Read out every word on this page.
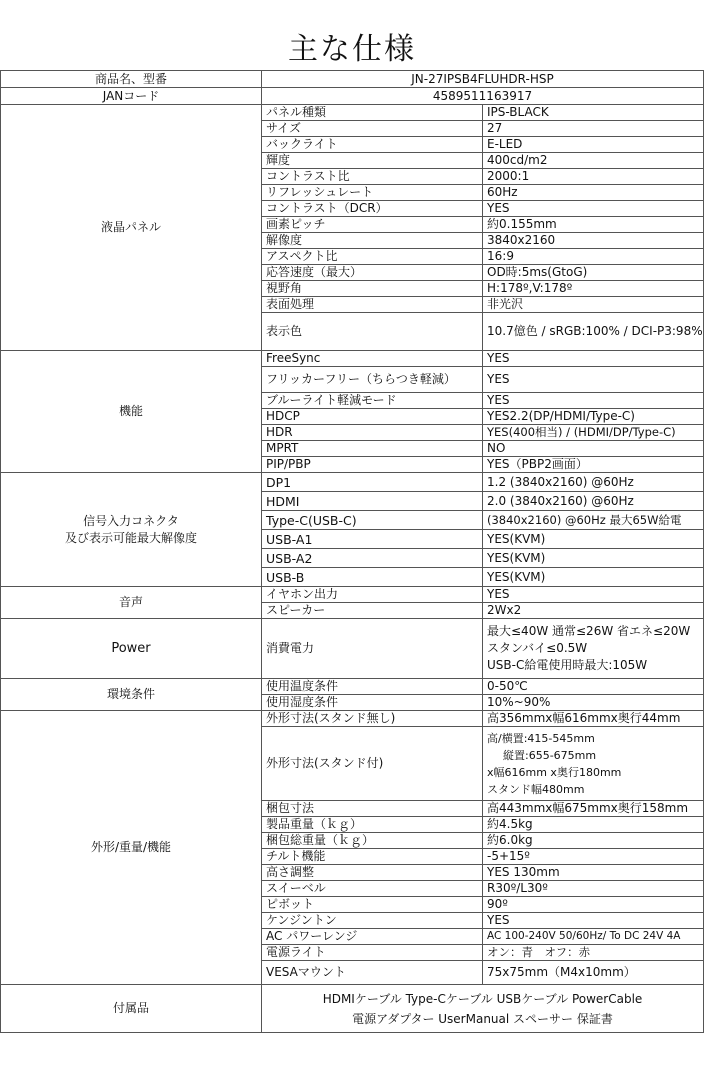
主な仕様
商品名、型番	JN-27IPSB4FLUHDR-HSP	
JANコード	4589511163917	
液晶パネル	パネル種類	IPS-BLACK
	サイズ	27
	バックライト	E-LED
	輝度	400cd/m2
	コントラスト比	2000:1
	リフレッシュレート	60Hz
	コントラスト（DCR）	YES
	画素ピッチ	約0.155mm
	解像度	3840x2160
	アスペクト比	16:9
	応答速度（最大）	OD時:5ms(GtoG)
	視野角	H:178º,V:178º
	表面処理	非光沢
	表示色	10.7億色 / sRGB:100% / DCI-P3:98%
機能	FreeSync	YES
	フリッカーフリー（ちらつき軽減）	YES
	ブルーライト軽減モード	YES
	HDCP	YES2.2(DP/HDMI/Type-C)
	HDR	YES(400相当) / (HDMI/DP/Type-C)
	MPRT	NO
	PIP/PBP	YES（PBP2画面）

信号入力コネクタ
及び表示可能最大解像度	DP1	1.2 (3840x2160) @60Hz
	HDMI	2.0 (3840x2160) @60Hz
	Type-C(USB-C)	(3840x2160) @60Hz 最大65W給電
	USB-A1	YES(KVM)
	USB-A2	YES(KVM)
	USB-B	YES(KVM)
音声	イヤホン出力	YES
	スピーカー	2Wx2
Power	消費電力	最大≤40W 通常≤26W 省エネ≤20W
スタンバイ≤0.5W
USB-C給電使用時最大:105W

環境条件	使用温度条件	0-50℃
	使用湿度条件	10%~90%
外形/重量/機能	外形寸法(スタンド無し)	高356mmx幅616mmx奥行44mm
	外形寸法(スタンド付)	高/横置:415-545mm
縦置:655-675mm
x幅616mm x奥行180mm
スタンド幅480mm

	梱包寸法	高443mmx幅675mmx奥行158mm
	製品重量（ｋｇ）	約4.5kg
	梱包総重量（ｋｇ）	約6.0kg
	チルト機能	-5+15º
	高さ調整	YES 130mm
	スイーベル	R30º/L30º
	ピボット	90º
	ケンジントン	YES
	AC パワーレンジ	AC 100-240V 50/60Hz/ To DC 24V 4A
	電源ライト	オン：青　オフ：赤
	VESAマウント	75x75mm（M4x10mm）
付属品	HDMIケーブル Type-Cケーブル USBケーブル PowerCable
電源アダプター UserManual スペーサー 保証書	
